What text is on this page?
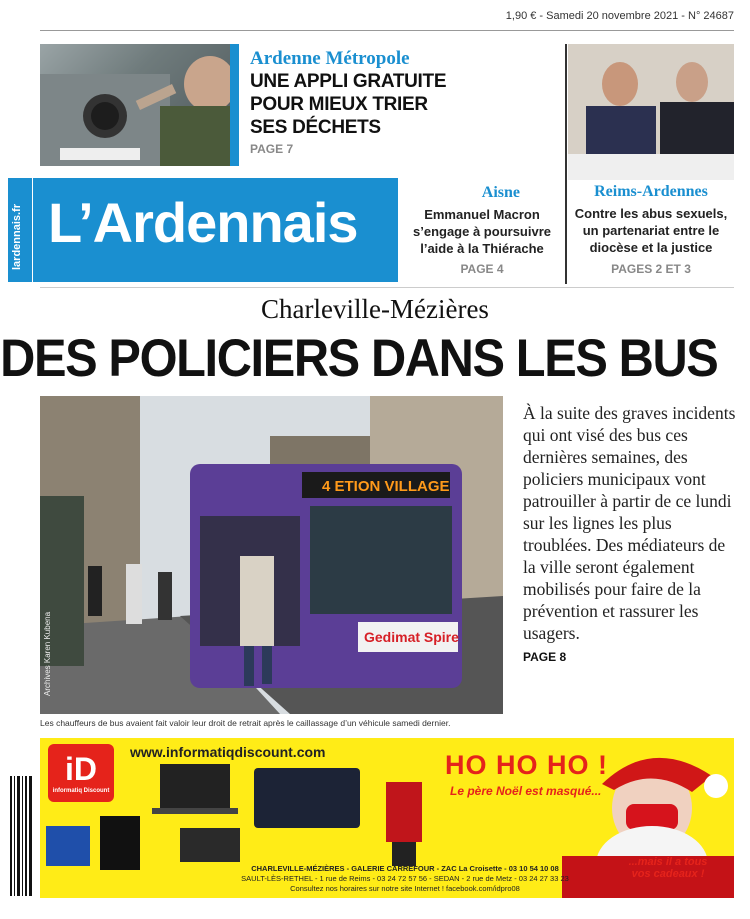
1,90 € - Samedi 20 novembre 2021 - N° 24687
Ardenne Métropole
UNE APPLI GRATUITE POUR MIEUX TRIER SES DÉCHETS
PAGE 7
lardennais.fr L’Ardennais	Aisne
Emmanuel Macron s’engage à poursuivre l’aide à la Thiérache
PAGE 4
Reims-Ardennes
Contre les abus sexuels, un partenariat entre le diocèse et la justice
PAGES 2 ET 3
Charleville-Mézières
DES POLICIERS DANS LES BUS
4 ETION VILLAGE
Gedimat Spire
Archives Karen Kubena
Les chauffeurs de bus avaient fait valoir leur droit de retrait après le caillassage d’un véhicule samedi dernier.
À la suite des graves incidents qui ont visé des bus ces dernières semaines, des policiers municipaux vont patrouiller à partir de ce lundi sur les lignes les plus troublées. Des médiateurs de la ville seront également mobilisés pour faire de la prévention et rassurer les usagers.
PAGE 8
iD
informatiq Discount
www.informatiqdiscount.com	HO HO HO !
Le père Noël est masqué...
...mais il a tous vos cadeaux !
CHARLEVILLE-MÉZIÈRES - GALERIE CARREFOUR - ZAC La Croisette - 03 10 54 10 08
SAULT-LÈS-RETHEL - 1 rue de Reims - 03 24 72 57 56 - SEDAN - 2 rue de Metz - 03 24 27 33 23
Consultez nos horaires sur notre site Internet ! facebook.com/idpro08
